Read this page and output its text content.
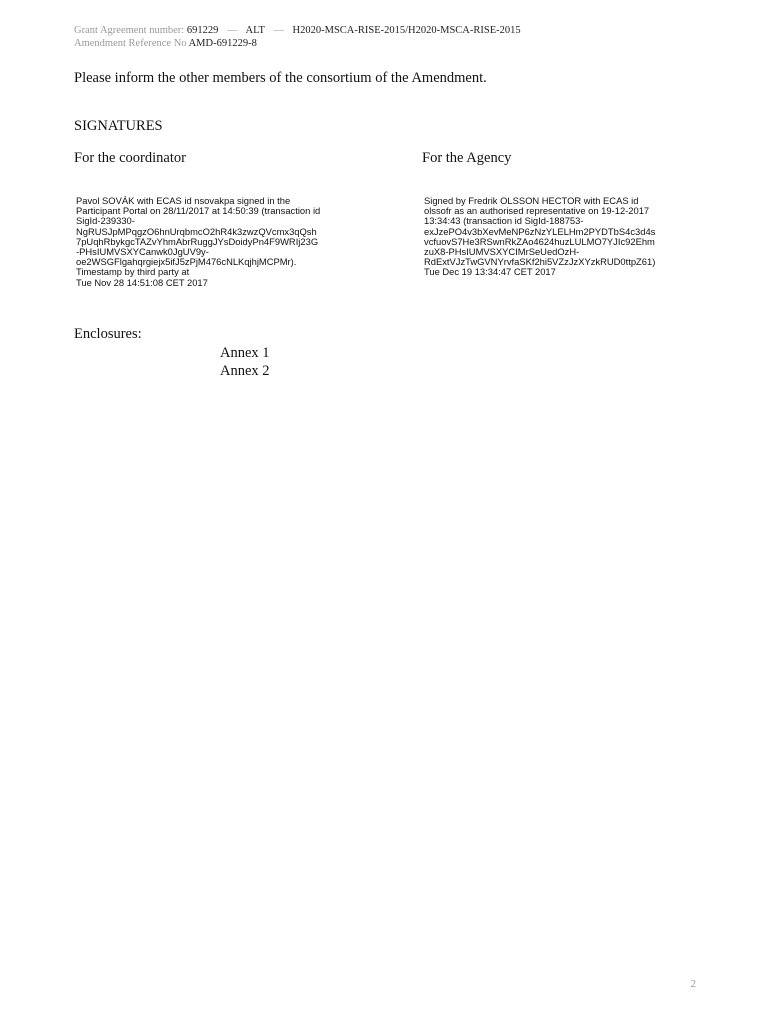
Grant Agreement number: 691229 — ALT — H2020-MSCA-RISE-2015/H2020-MSCA-RISE-2015
Amendment Reference No AMD-691229-8
Please inform the other members of the consortium of the Amendment.
SIGNATURES
For the coordinator	For the Agency
Pavol SOVÁK with ECAS id nsovakpa signed in the
Participant Portal on 28/11/2017 at 14:50:39 (transaction id
SigId-239330-
NgRUSJpMPqgzO6hnUrqbmcO2hR4k3zwzQVcmx3qQsh
7pUqhRbykgcTAZvYhmAbrRuggJYsDoidyPn4F9WRIj23G
-PHsIUMVSXYCanwk0JgUV9y-
oe2WSGFlgahqrgiejx5ifJ5zPjM476cNLKqjhjMCPMr).
Timestamp by third party at
Tue Nov 28 14:51:08 CET 2017
Signed by Fredrik OLSSON HECTOR with ECAS id
olssofr as an authorised representative on 19-12-2017
13:34:43 (transaction id SigId-188753-
exJzePO4v3bXevMeNP6zNzYLELHm2PYDTbS4c3d4s
vcfuovS7He3RSwnRkZAo4624huzLULMO7YJIc92Ehm
zuX8-PHsIUMVSXYCIMrSeUedOzH-
RdExtVJzTwGVNYrvfaSKf2hi5VZzJzXYzkRUD0ttpZ61)
Tue Dec 19 13:34:47 CET 2017
Enclosures:
Annex 1
Annex 2
2
